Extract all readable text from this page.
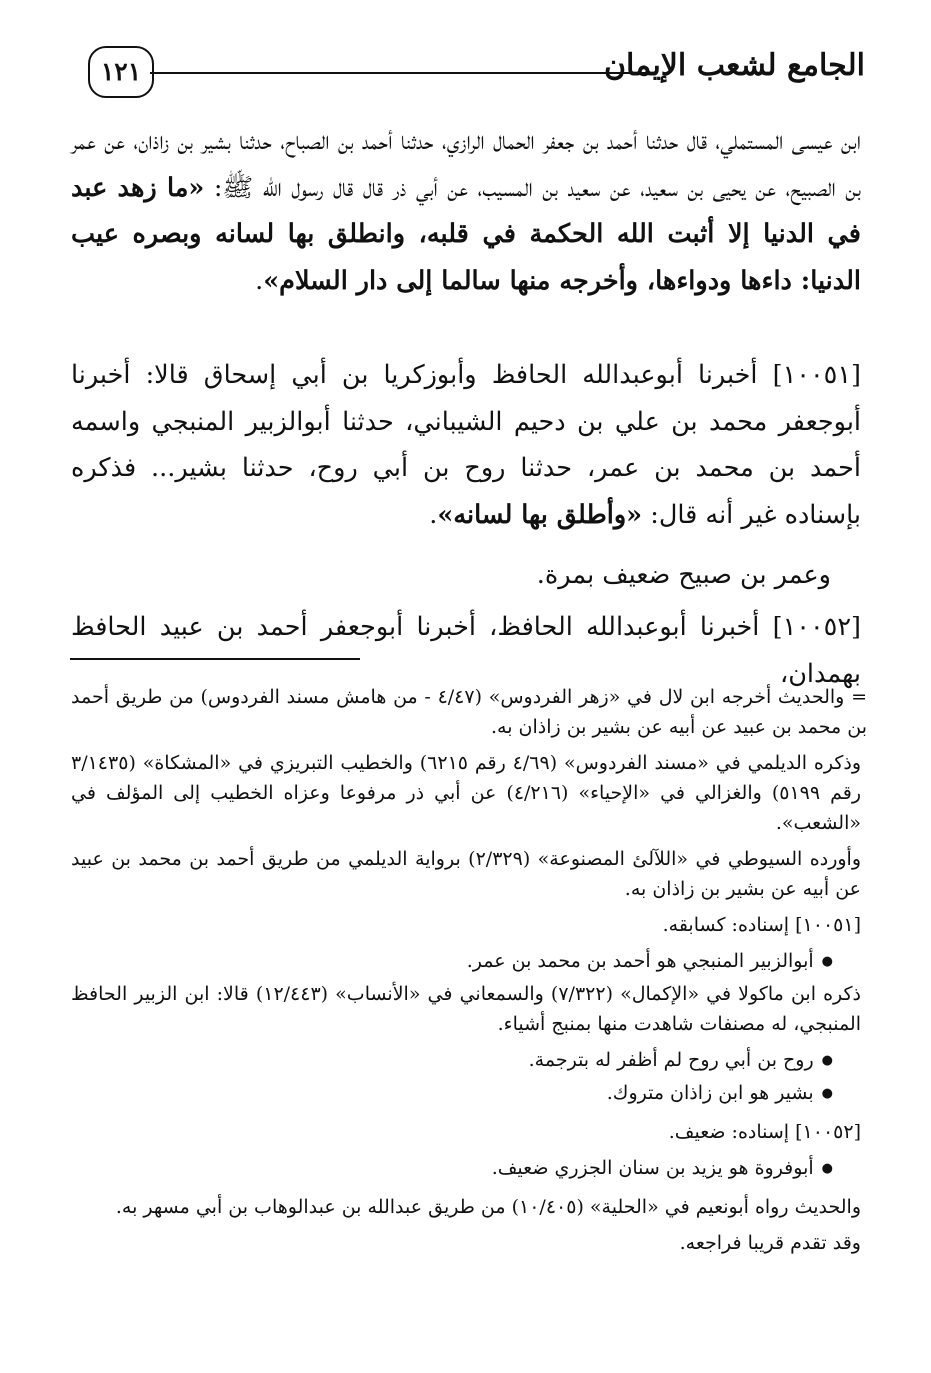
الجامع لشعب الإيمان
١٢١

ابن عيسى المستملي، قال حدثنا أحمد بن جعفر الحمال الرازي، حدثنا أحمد بن الصباح، حدثنا بشير بن زاذان، عن عمر بن الصبيح، عن يحيى بن سعيد، عن سعيد بن المسيب، عن أبي ذر قال قال رسول الله ﷺ: «ما زهد عبد في الدنيا إلا أثبت الله الحكمة في قلبه، وانطلق بها لسانه وبصره عيب الدنيا: داءها ودواءها، وأخرجه منها سالما إلى دار السلام».

[١٠٠٥١] أخبرنا أبوعبدالله الحافظ وأبوزكريا بن أبي إسحاق قالا: أخبرنا أبوجعفر محمد بن علي بن دحيم الشيباني، حدثنا أبوالزبير المنبجي واسمه أحمد بن محمد بن عمر، حدثنا روح بن أبي روح، حدثنا بشير... فذكره بإسناده غير أنه قال: «وأطلق بها لسانه».

وعمر بن صبيح ضعيف بمرة.

[١٠٠٥٢] أخبرنا أبوعبدالله الحافظ، أخبرنا أبوجعفر أحمد بن عبيد الحافظ بهمدان،

= والحديث أخرجه ابن لال في «زهر الفردوس» (٤/٤٧ - من هامش مسند الفردوس) من طريق أحمد بن محمد بن عبيد عن أبيه عن بشير بن زاذان به.

وذكره الديلمي في «مسند الفردوس» (٤/٦٩ رقم ٦٢١٥) والخطيب التبريزي في «المشكاة» (٣/١٤٣٥ رقم ٥١٩٩) والغزالي في «الإحياء» (٤/٢١٦) عن أبي ذر مرفوعا وعزاه الخطيب إلى المؤلف في «الشعب».

وأورده السيوطي في «اللآلئ المصنوعة» (٢/٣٢٩) برواية الديلمي من طريق أحمد بن محمد بن عبيد عن أبيه عن بشير بن زاذان به.

[١٠٠٥١] إسناده: كسابقه.

● أبوالزبير المنبجي هو أحمد بن محمد بن عمر.

ذكره ابن ماكولا في «الإكمال» (٧/٣٢٢) والسمعاني في «الأنساب» (١٢/٤٤٣) قالا: ابن الزبير الحافظ المنبجي، له مصنفات شاهدت منها بمنبج أشياء.

● روح بن أبي روح لم أظفر له بترجمة.

● بشير هو ابن زاذان متروك.

[١٠٠٥٢] إسناده: ضعيف.

● أبوفروة هو يزيد بن سنان الجزري ضعيف.

والحديث رواه أبونعيم في «الحلية» (١٠/٤٠٥) من طريق عبدالله بن عبدالوهاب بن أبي مسهر به.

وقد تقدم قريبا فراجعه.
